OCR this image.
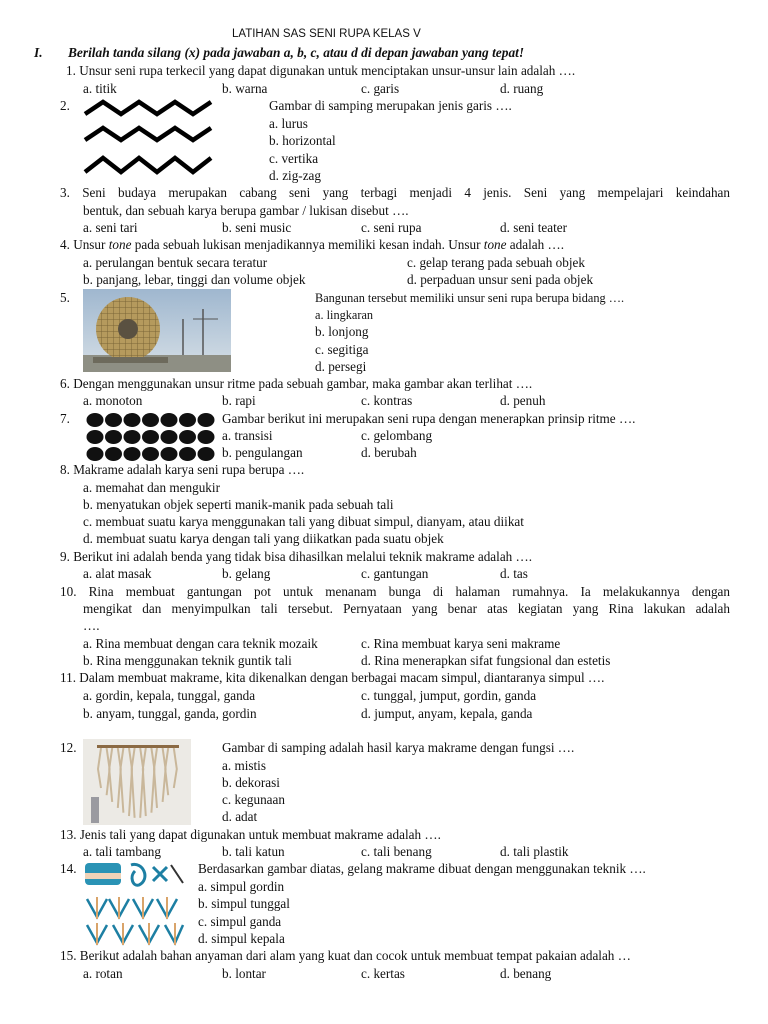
LATIHAN SAS SENI RUPA KELAS V
I. Berilah tanda silang (x) pada jawaban a, b, c, atau d di depan jawaban yang tepat!
1. Unsur seni rupa terkecil yang dapat digunakan untuk menciptakan unsur-unsur lain adalah ….
a. titik	b. warna	c. garis	d. ruang
2.	Gambar di samping merupakan jenis garis ….
a. lurus
b. horizontal
c. vertika
d. zig-zag
3. Seni budaya merupakan cabang seni yang terbagi menjadi 4 jenis. Seni yang mempelajari keindahan
bentuk, dan sebuah karya berupa gambar / lukisan disebut ….
a. seni tari	b. seni music	c. seni rupa	d. seni teater
4. Unsur tone pada sebuah lukisan menjadikannya memiliki kesan indah. Unsur tone adalah ….
a. perulangan bentuk secara teratur
b. panjang, lebar, tinggi dan volume objek
c. gelap terang pada sebuah objek
d. perpaduan unsur seni pada objek
5.	Bangunan tersebut memiliki unsur seni rupa berupa bidang ….
a. lingkaran
b. lonjong
c. segitiga
d. persegi
6. Dengan menggunakan unsur ritme pada sebuah gambar, maka gambar akan terlihat ….
a. monoton	b. rapi	c. kontras	d. penuh
7.	Gambar berikut ini merupakan seni rupa dengan menerapkan prinsip ritme ….
a. transisi
b. pengulangan
c. gelombang
d. berubah
8. Makrame adalah karya seni rupa berupa ….
a. memahat dan mengukir
b. menyatukan objek seperti manik-manik pada sebuah tali
c. membuat suatu karya menggunakan tali yang dibuat simpul, dianyam, atau diikat
d. membuat suatu karya dengan tali yang diikatkan pada suatu objek
9. Berikut ini adalah benda yang tidak bisa dihasilkan melalui teknik makrame adalah ….
a. alat masak	b. gelang	c. gantungan	d. tas
10. Rina membuat gantungan pot untuk menanam bunga di halaman rumahnya. Ia melakukannya dengan
mengikat dan menyimpulkan tali tersebut. Pernyataan yang benar atas kegiatan yang Rina lakukan adalah
….
a. Rina membuat dengan cara teknik mozaik
b. Rina menggunakan teknik guntik tali
c. Rina membuat karya seni makrame
d. Rina menerapkan sifat fungsional dan estetis
11. Dalam membuat makrame, kita dikenalkan dengan berbagai macam simpul, diantaranya simpul ….
a. gordin, kepala, tunggal, ganda
b. anyam, tunggal, ganda, gordin
c. tunggal, jumput, gordin, ganda
d. jumput, anyam, kepala, ganda
12.	Gambar di samping adalah hasil karya makrame dengan fungsi ….
a. mistis
b. dekorasi
c. kegunaan
d. adat
13. Jenis tali yang dapat digunakan untuk membuat makrame adalah ….
a. tali tambang	b. tali katun	c. tali benang	d. tali plastik
14.	Berdasarkan gambar diatas, gelang makrame dibuat dengan menggunakan teknik ….
a. simpul gordin
b. simpul tunggal
c. simpul ganda
d. simpul kepala
15. Berikut adalah bahan anyaman dari alam yang kuat dan cocok untuk membuat tempat pakaian adalah …
a. rotan	b. lontar	c. kertas	d. benang
